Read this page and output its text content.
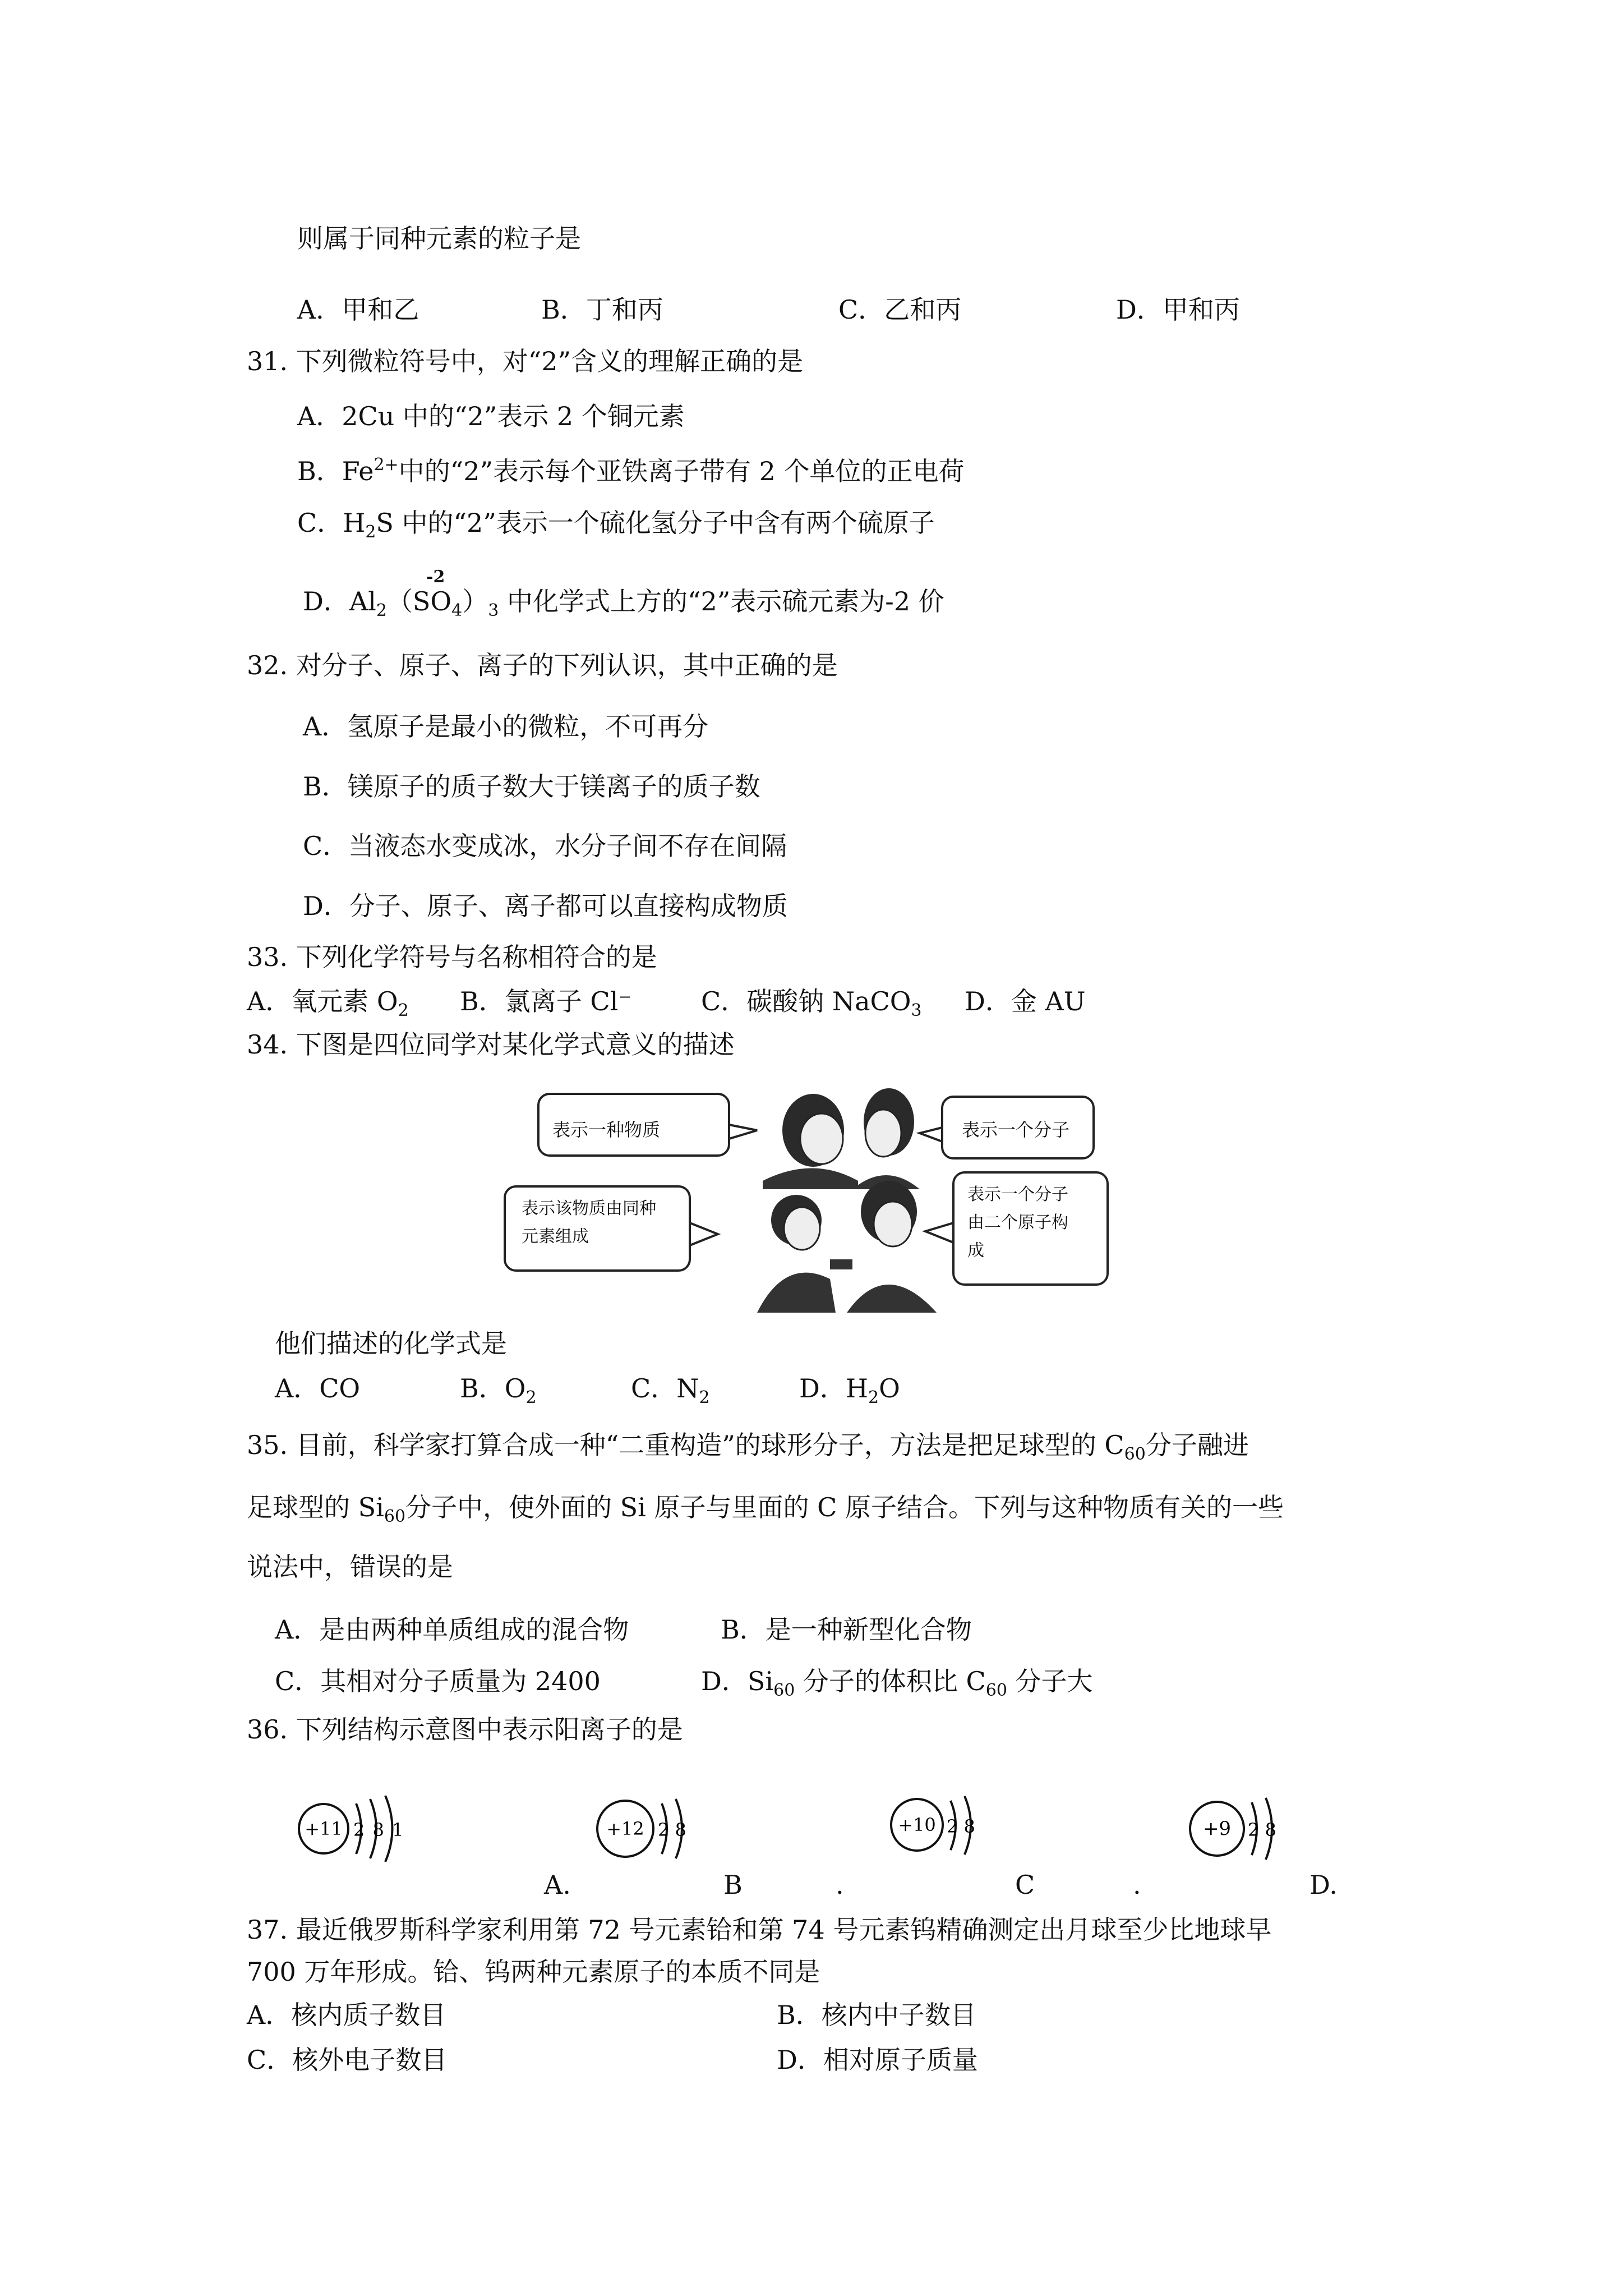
则属于同种元素的粒子是
A．甲和乙	B．丁和丙	C．乙和丙	D．甲和丙
31. 下列微粒符号中，对“2”含义的理解正确的是
A．2Cu 中的“2”表示 2 个铜元素
B．$Fe^{2+}$中的“2”表示每个亚铁离子带有 2 个单位的正电荷
C．$H_2S$ 中的“2”表示一个硫化氢分子中含有两个硫原子
-2
D．$Al_2(SO_4)_3$ 中化学式上方的“2”表示硫元素为-2 价
32. 对分子、原子、离子的下列认识，其中正确的是
A．氢原子是最小的微粒，不可再分
B．镁原子的质子数大于镁离子的质子数
C．当液态水变成冰，水分子间不存在间隔
D．分子、原子、离子都可以直接构成物质
33. 下列化学符号与名称相符合的是
A．氧元素 $O_2$ B．氯离子 Cl⁻	C．碳酸钠 NaCO$_3$ D．金 AU
34. 下图是四位同学对某化学式意义的描述
表示一种物质	表示一个分子
表示该物质由同种元素组成
表示一个分子由二个原子构成
他们描述的化学式是
A．CO	B．$O_2$	C．$N_2$	D．$H_2O$
35. 目前，科学家打算合成一种“二重构造”的球形分子，方法是把足球型的 $C_{60}$分子融进
足球型的 $Si_{60}$分子中，使外面的 Si 原子与里面的 C 原子结合。下列与这种物质有关的一些
说法中，错误的是
A．是由两种单质组成的混合物	B．是一种新型化合物
C．其相对分子质量为 2400	D．$Si_{60}$ 分子的体积比 $C_{60}$ 分子大
36. 下列结构示意图中表示阳离子的是
+11 2 8 1	+12 2 8	+10 2 8	+9 2 8
A.	B	.	C	.	D.
37. 最近俄罗斯科学家利用第 72 号元素铪和第 74 号元素钨精确测定出月球至少比地球早
700 万年形成。铪、钨两种元素原子的本质不同是
A．核内质子数目	B．核内中子数目
C．核外电子数目	D．相对原子质量
